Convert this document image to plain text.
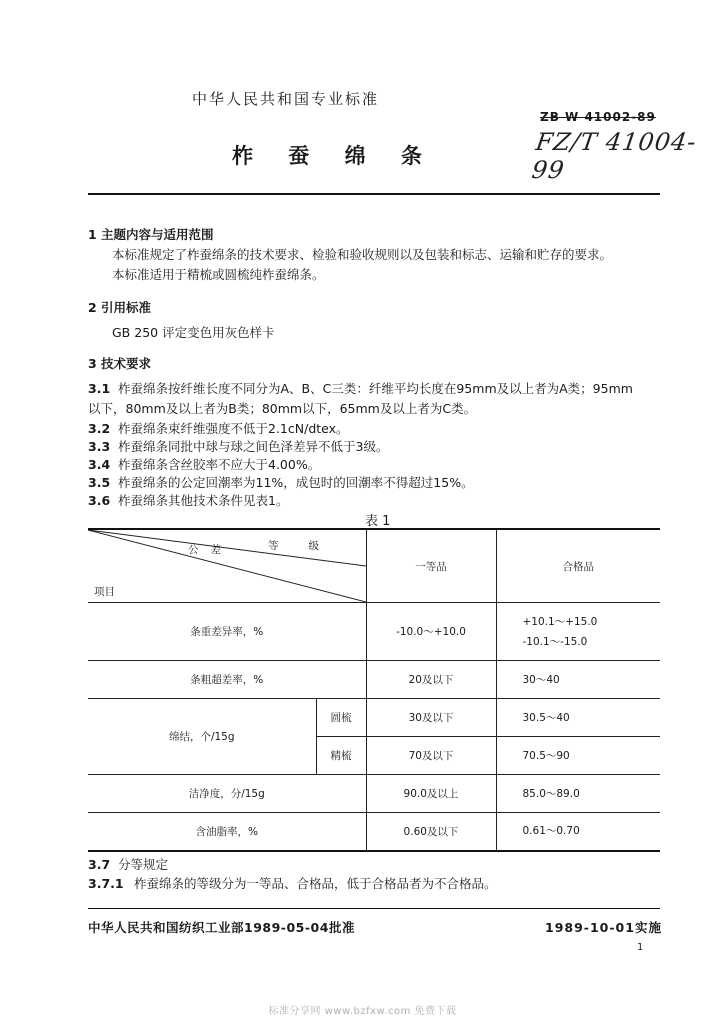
中华人民共和国专业标准
ZB W 41002-89
FZ/T 41004-99
柞 蚕 绵 条
1 主题内容与适用范围
本标准规定了柞蚕绵条的技术要求、检验和验收规则以及包装和标志、运输和贮存的要求。
本标准适用于精梳或圆梳纯柞蚕绵条。
2 引用标准
GB 250 评定变色用灰色样卡
3 技术要求
3.1 柞蚕绵条按纤维长度不同分为A、B、C三类：纤维平均长度在95mm及以上者为A类；95mm
以下，80mm及以上者为B类；80mm以下，65mm及以上者为C类。
3.2 柞蚕绵条束纤维强度不低于2.1cN/dtex。
3.3 柞蚕绵条同批中球与球之间色泽差异不低于3级。
3.4 柞蚕绵条含丝胶率不应大于4.00%。
3.5 柞蚕绵条的公定回潮率为11%，成包时的回潮率不得超过15%。
3.6 柞蚕绵条其他技术条件见表1。
表 1
公差 等级
项目		一等品	合格品
条重差异率，%		-10.0～+10.0	+10.1～+15.0
-10.1～-15.0

条粗超差率，%		20及以下	30～40
绵结，个/15g	圆梳	30及以下	30.5～40
	精梳	70及以下	70.5～90
洁净度，分/15g		90.0及以上	85.0～89.0
含油脂率，%		0.60及以下	0.61～0.70
3.7 分等规定
3.7.1 柞蚕绵条的等级分为一等品、合格品，低于合格品者为不合格品。
中华人民共和国纺织工业部1989-05-04批准	1989-10-01实施
1
标准分享网 www.bzfxw.com 免费下载
